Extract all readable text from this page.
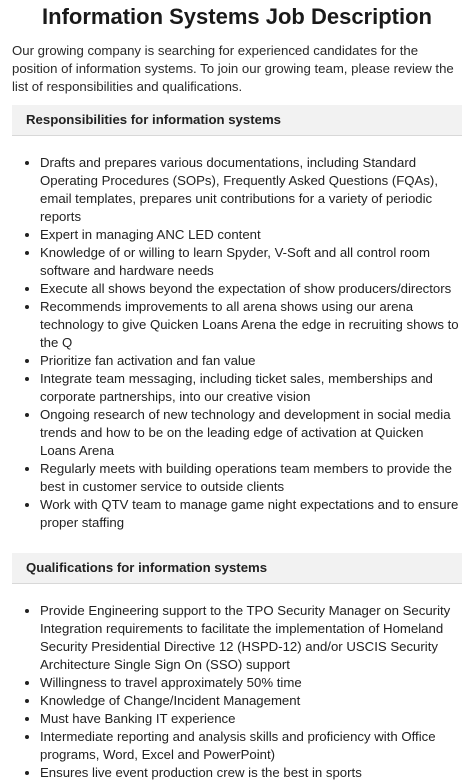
Information Systems Job Description

Our growing company is searching for experienced candidates for the position of information systems. To join our growing team, please review the list of responsibilities and qualifications.

Responsibilities for information systems
Drafts and prepares various documentations, including Standard Operating Procedures (SOPs), Frequently Asked Questions (FQAs), email templates, prepares unit contributions for a variety of periodic reports
Expert in managing ANC LED content
Knowledge of or willing to learn Spyder, V-Soft and all control room software and hardware needs
Execute all shows beyond the expectation of show producers/directors
Recommends improvements to all arena shows using our arena technology to give Quicken Loans Arena the edge in recruiting shows to the Q
Prioritize fan activation and fan value
Integrate team messaging, including ticket sales, memberships and corporate partnerships, into our creative vision
Ongoing research of new technology and development in social media trends and how to be on the leading edge of activation at Quicken Loans Arena
Regularly meets with building operations team members to provide the best in customer service to outside clients
Work with QTV team to manage game night expectations and to ensure proper staffing
Qualifications for information systems
Provide Engineering support to the TPO Security Manager on Security Integration requirements to facilitate the implementation of Homeland Security Presidential Directive 12 (HSPD-12) and/or USCIS Security Architecture Single Sign On (SSO) support
Willingness to travel approximately 50% time
Knowledge of Change/Incident Management
Must have Banking IT experience
Intermediate reporting and analysis skills and proficiency with Office programs, Word, Excel and PowerPoint)
Ensures live event production crew is the best in sports
